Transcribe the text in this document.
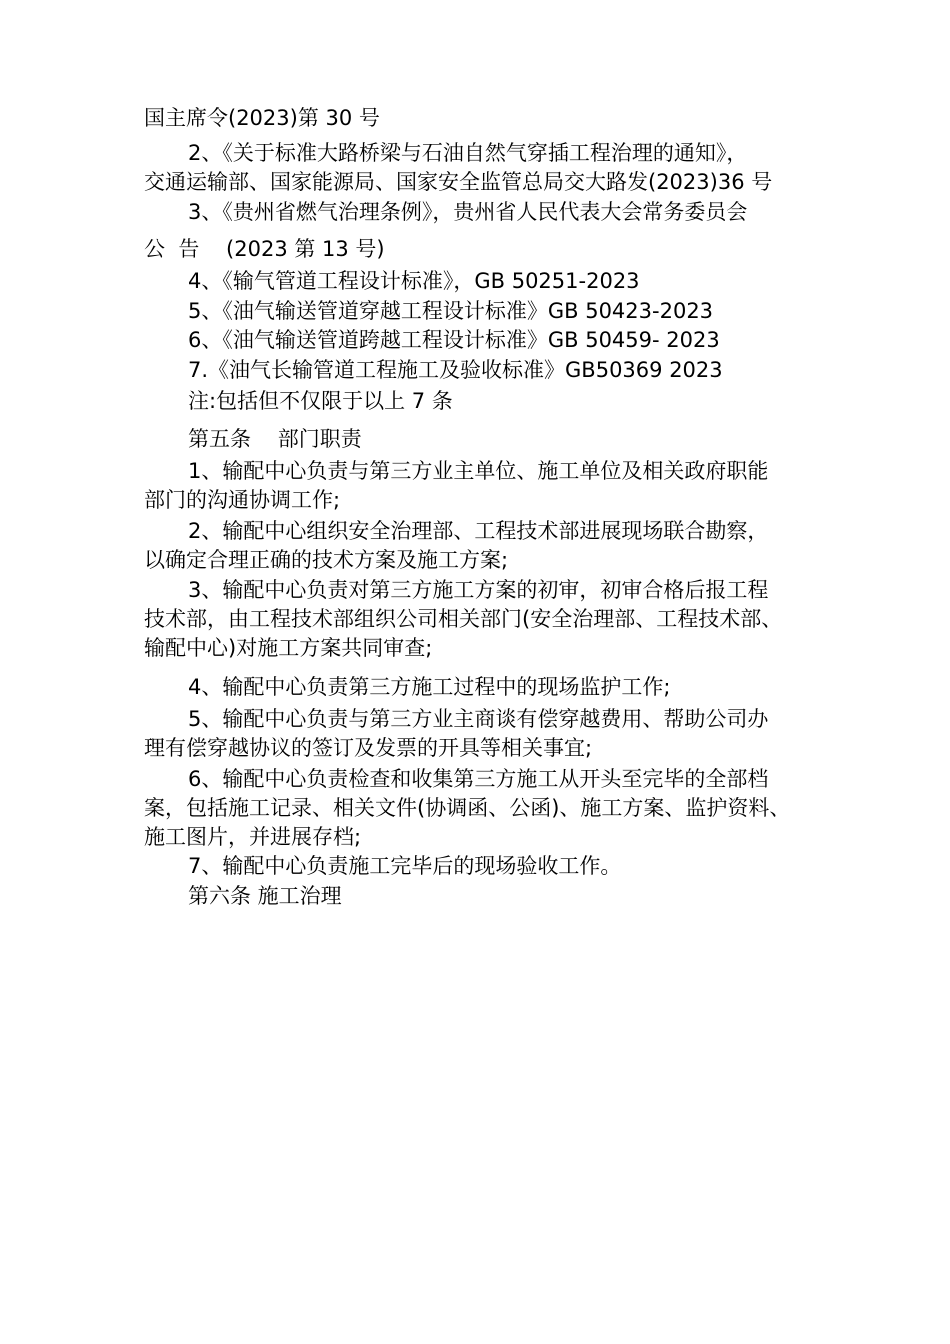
国主席令(2023)第 30 号
2、《关于标准大路桥梁与石油自然气穿插工程治理的通知》，
交通运输部、国家能源局、国家安全监管总局交大路发(2023)36 号
3、《贵州省燃气治理条例》，贵州省人民代表大会常务委员会
公  告    (2023 第 13 号)
4、《输气管道工程设计标准》，GB 50251-2023
5、《油气输送管道穿越工程设计标准》GB 50423-2023
6、《油气输送管道跨越工程设计标准》GB 50459- 2023
7.《油气长输管道工程施工及验收标准》GB50369 2023
注:包括但不仅限于以上 7 条
第五条    部门职责
1、输配中心负责与第三方业主单位、施工单位及相关政府职能
部门的沟通协调工作;
2、输配中心组织安全治理部、工程技术部进展现场联合勘察，
以确定合理正确的技术方案及施工方案;
3、输配中心负责对第三方施工方案的初审，初审合格后报工程
技术部，由工程技术部组织公司相关部门(安全治理部、工程技术部、
输配中心)对施工方案共同审查;
4、输配中心负责第三方施工过程中的现场监护工作;
5、输配中心负责与第三方业主商谈有偿穿越费用、帮助公司办
理有偿穿越协议的签订及发票的开具等相关事宜;
6、输配中心负责检查和收集第三方施工从开头至完毕的全部档
案，包括施工记录、相关文件(协调函、公函)、施工方案、监护资料、
施工图片，并进展存档;
7、输配中心负责施工完毕后的现场验收工作。
第六条 施工治理
